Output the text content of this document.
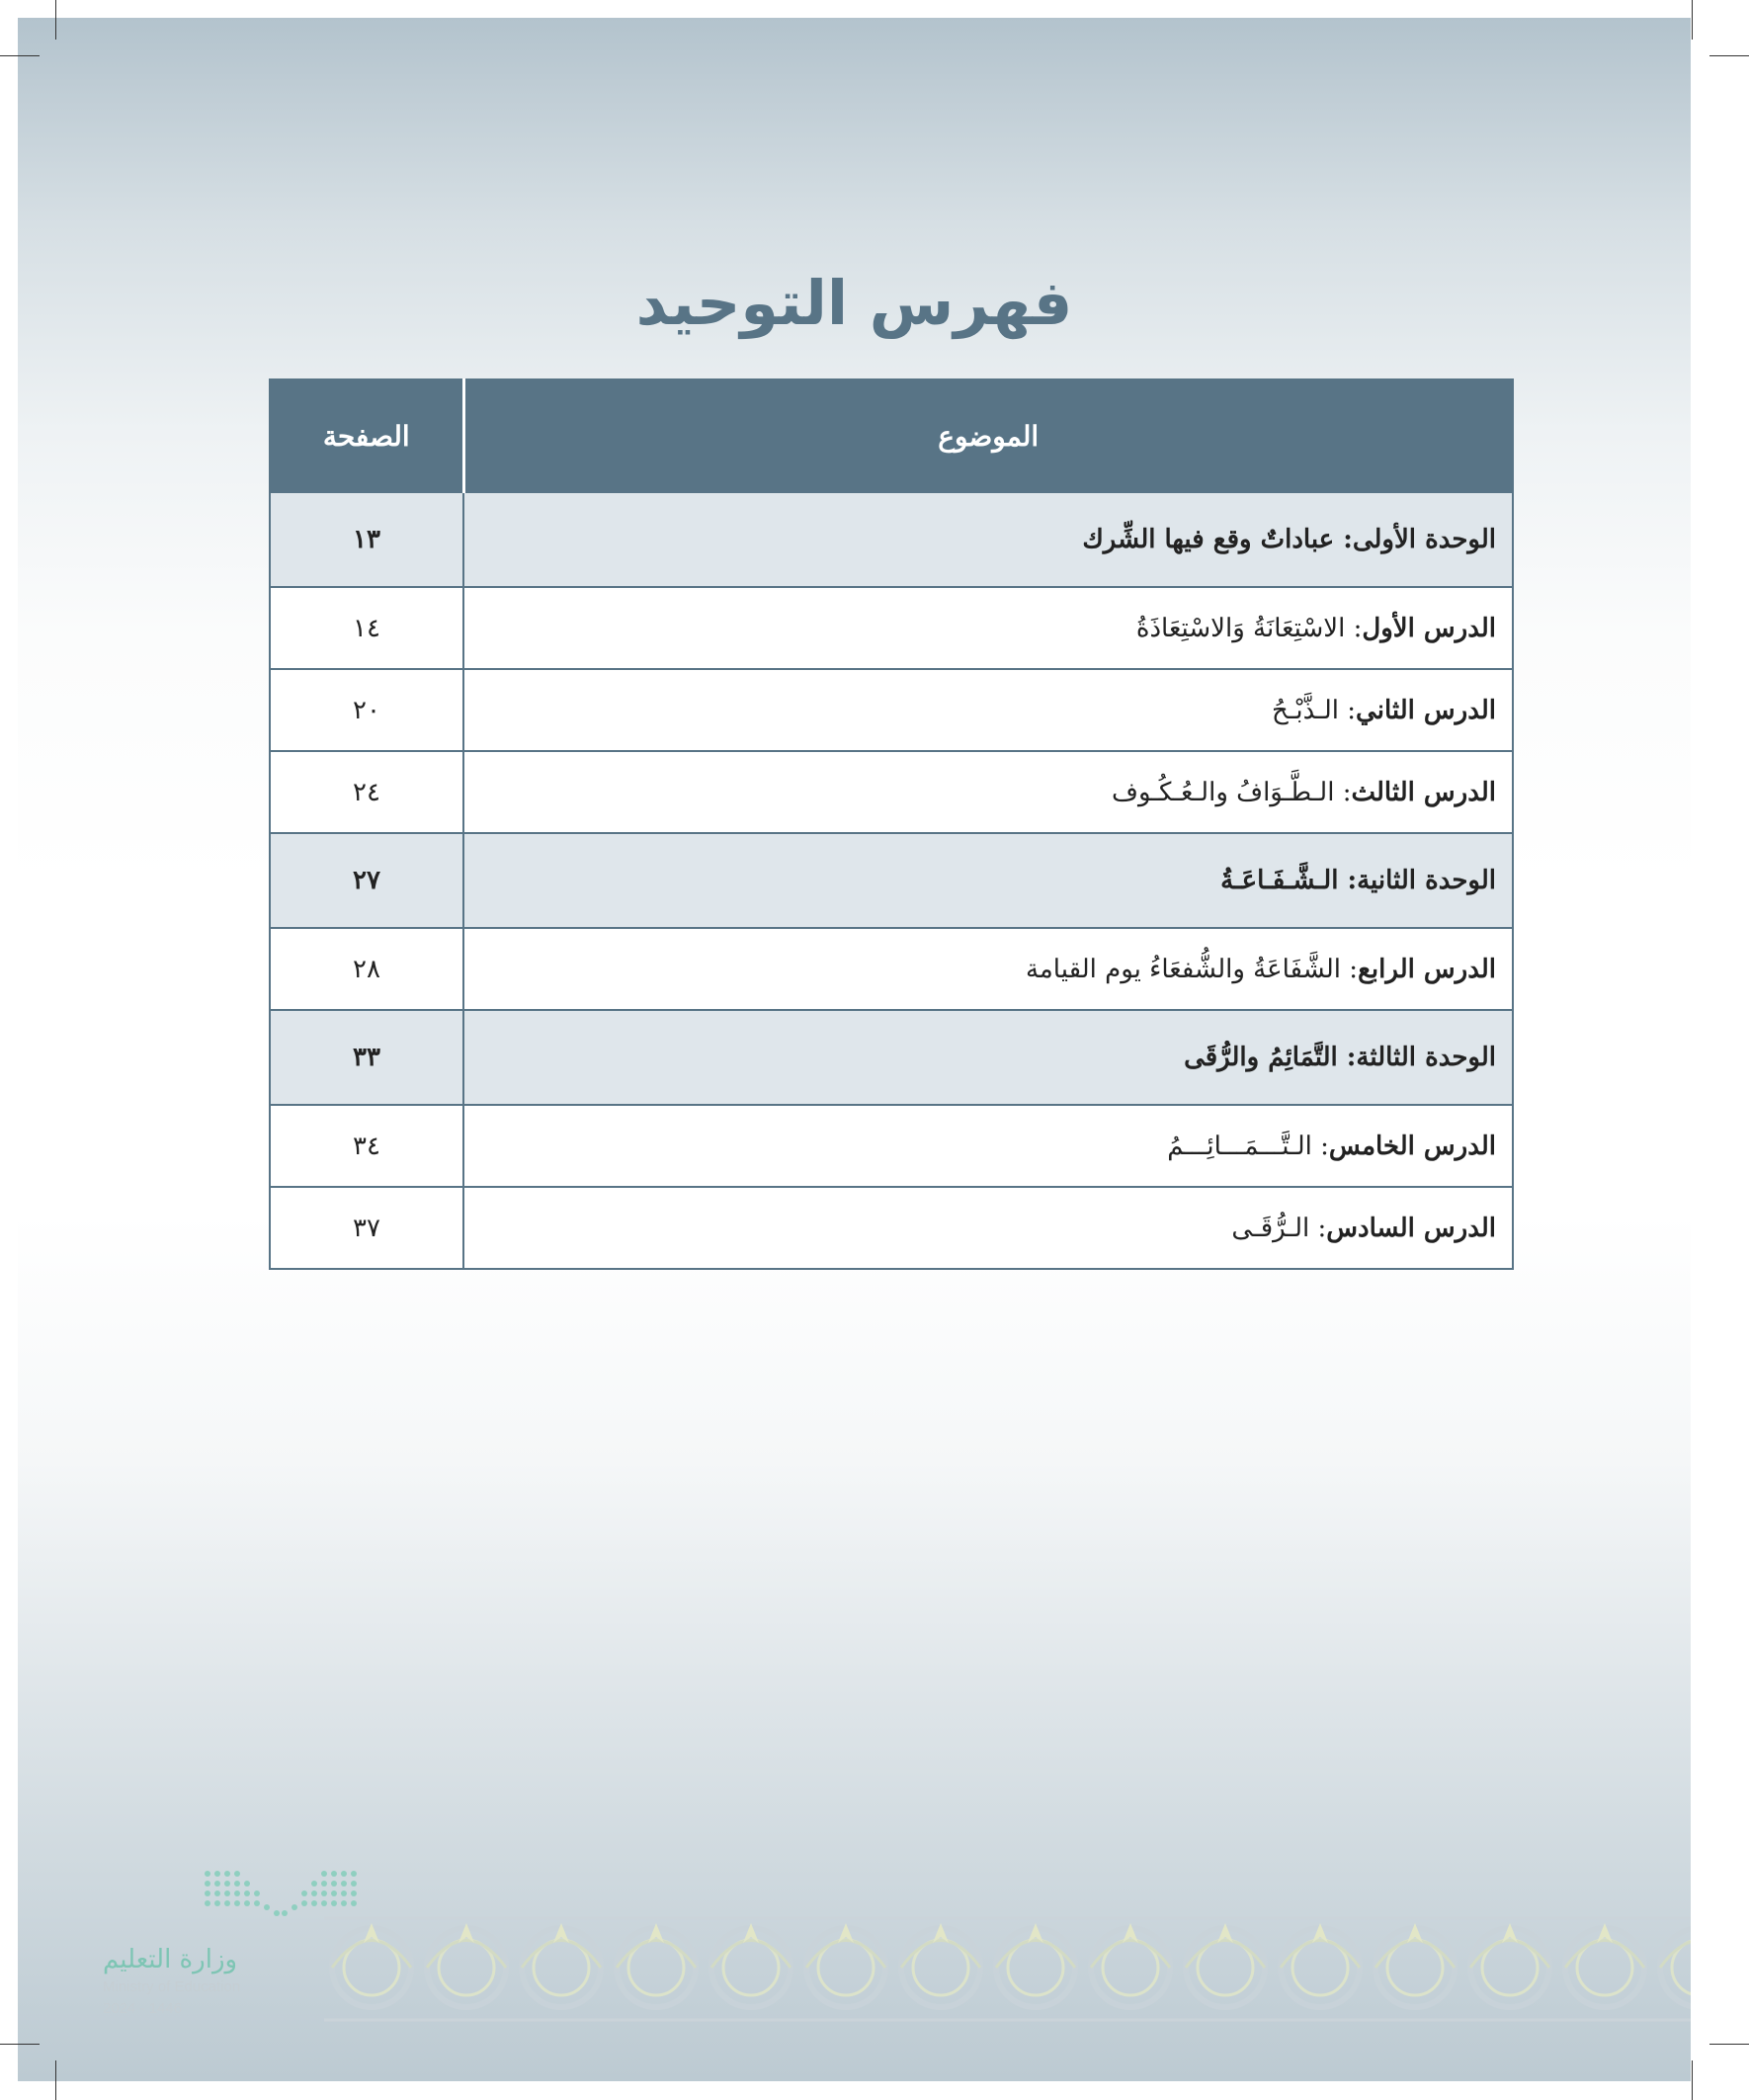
فهرس التوحيد
الموضوع	الصفحة
الوحدة الأولى: عباداتٌ وقع فيها الشِّرك	١٣
الدرس الأول: الاسْتِعَانَةُ وَالاسْتِعَاذَةُ	١٤
الدرس الثاني: الـذَّبْـحُ	٢٠
الدرس الثالث: الـطَّـوَافُ والـعُـكُـوف	٢٤
الوحدة الثانية: الـشَّـفَـاعَـةُ	٢٧
الدرس الرابع: الشَّفَاعَةُ والشُّفعَاءُ يوم القيامة	٢٨
الوحدة الثالثة: التَّمَائِمُ والرُّقَى	٣٣
الدرس الخامس: الـتَّـــمَـــائِـــمُ	٣٤
الدرس السادس: الـرُّقَـى	٣٧
وزارة التعليم
Ministry of Education
2024 - 1446
